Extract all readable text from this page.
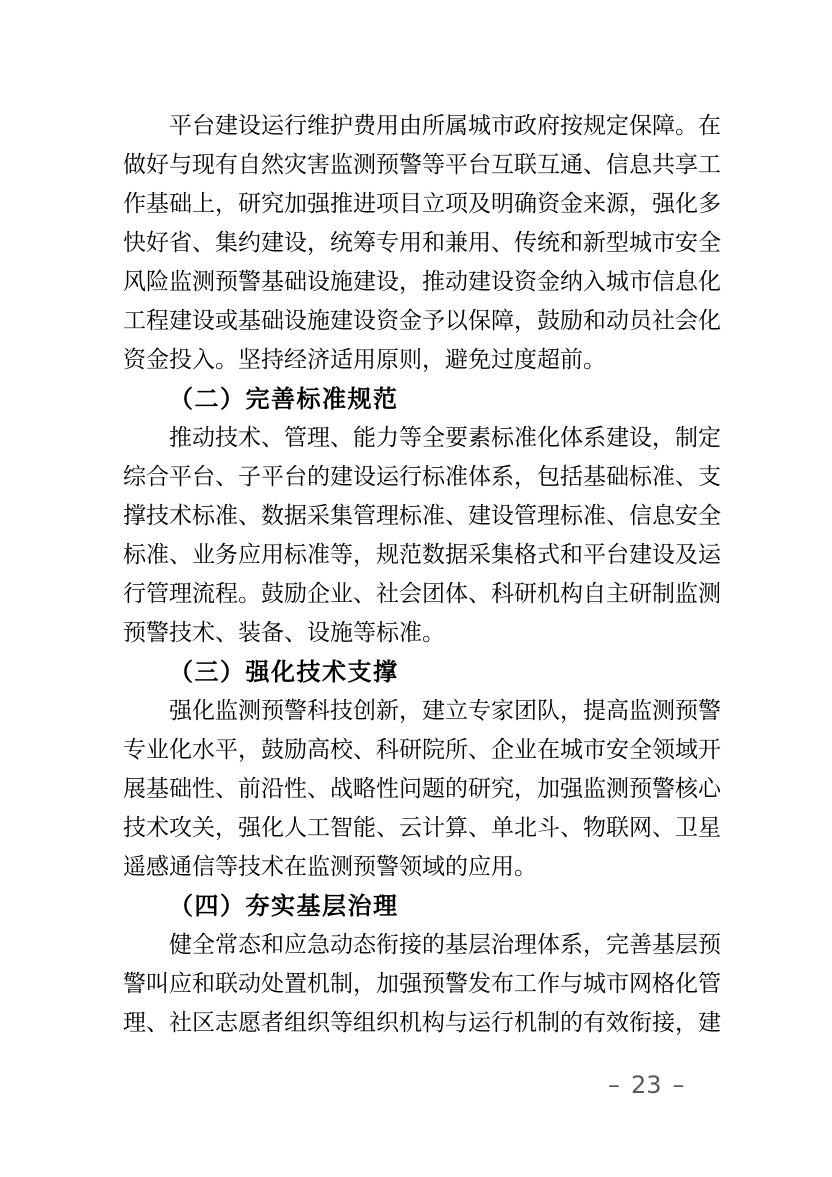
平台建设运行维护费用由所属城市政府按规定保障。在
做好与现有自然灾害监测预警等平台互联互通、信息共享工
作基础上，研究加强推进项目立项及明确资金来源，强化多
快好省、集约建设，统筹专用和兼用、传统和新型城市安全
风险监测预警基础设施建设，推动建设资金纳入城市信息化
工程建设或基础设施建设资金予以保障，鼓励和动员社会化
资金投入。坚持经济适用原则，避免过度超前。
（二）完善标准规范
推动技术、管理、能力等全要素标准化体系建设，制定
综合平台、子平台的建设运行标准体系，包括基础标准、支
撑技术标准、数据采集管理标准、建设管理标准、信息安全
标准、业务应用标准等，规范数据采集格式和平台建设及运
行管理流程。鼓励企业、社会团体、科研机构自主研制监测
预警技术、装备、设施等标准。
（三）强化技术支撑
强化监测预警科技创新，建立专家团队，提高监测预警
专业化水平，鼓励高校、科研院所、企业在城市安全领域开
展基础性、前沿性、战略性问题的研究，加强监测预警核心
技术攻关，强化人工智能、云计算、单北斗、物联网、卫星
遥感通信等技术在监测预警领域的应用。
（四）夯实基层治理
健全常态和应急动态衔接的基层治理体系，完善基层预
警叫应和联动处置机制，加强预警发布工作与城市网格化管
理、社区志愿者组织等组织机构与运行机制的有效衔接，建
– 23 –
